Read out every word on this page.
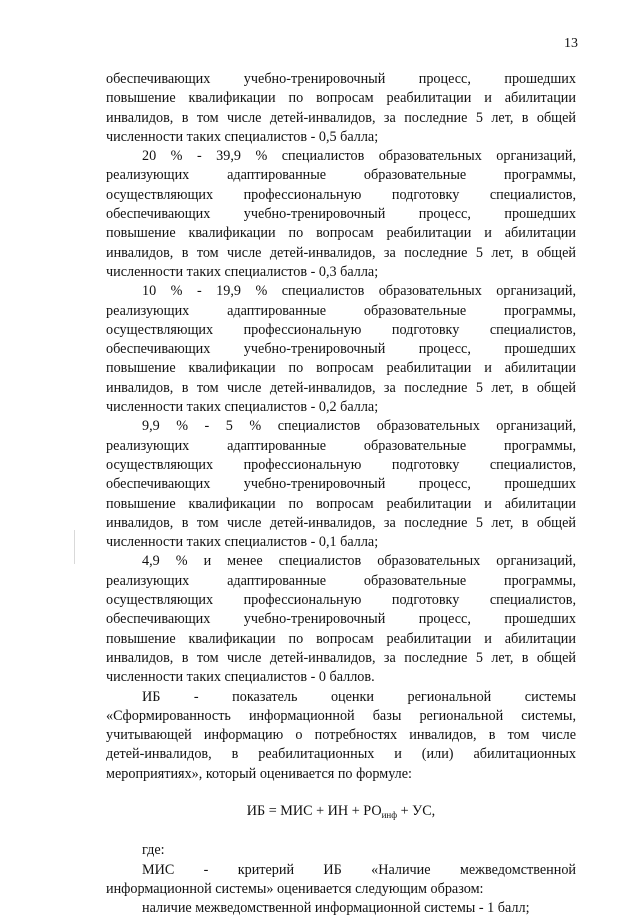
13
обеспечивающих учебно-тренировочный процесс, прошедших
повышение квалификации по вопросам реабилитации и абилитации
инвалидов, в том числе детей-инвалидов, за последние 5 лет, в общей
численности таких специалистов - 0,5 балла;
20 % - 39,9 % специалистов образовательных организаций,
реализующих адаптированные образовательные программы,
осуществляющих профессиональную подготовку специалистов,
обеспечивающих учебно-тренировочный процесс, прошедших
повышение квалификации по вопросам реабилитации и абилитации
инвалидов, в том числе детей-инвалидов, за последние 5 лет, в общей
численности таких специалистов - 0,3 балла;
10 % - 19,9 % специалистов образовательных организаций,
реализующих адаптированные образовательные программы,
осуществляющих профессиональную подготовку специалистов,
обеспечивающих учебно-тренировочный процесс, прошедших
повышение квалификации по вопросам реабилитации и абилитации
инвалидов, в том числе детей-инвалидов, за последние 5 лет, в общей
численности таких специалистов - 0,2 балла;
9,9 % - 5 % специалистов образовательных организаций,
реализующих адаптированные образовательные программы,
осуществляющих профессиональную подготовку специалистов,
обеспечивающих учебно-тренировочный процесс, прошедших
повышение квалификации по вопросам реабилитации и абилитации
инвалидов, в том числе детей-инвалидов, за последние 5 лет, в общей
численности таких специалистов - 0,1 балла;
4,9 % и менее специалистов образовательных организаций,
реализующих адаптированные образовательные программы,
осуществляющих профессиональную подготовку специалистов,
обеспечивающих учебно-тренировочный процесс, прошедших
повышение квалификации по вопросам реабилитации и абилитации
инвалидов, в том числе детей-инвалидов, за последние 5 лет, в общей
численности таких специалистов - 0 баллов.
ИБ - показатель оценки региональной системы
«Сформированность информационной базы региональной системы,
учитывающей информацию о потребностях инвалидов, в том числе
детей-инвалидов, в реабилитационных и (или) абилитационных
мероприятиях», который оценивается по формуле:
ИБ = МИС + ИН + $РО_{инф}$ + УС,
где:
МИС - критерий ИБ «Наличие межведомственной
информационной системы» оценивается следующим образом:
наличие межведомственной информационной системы - 1 балл;
